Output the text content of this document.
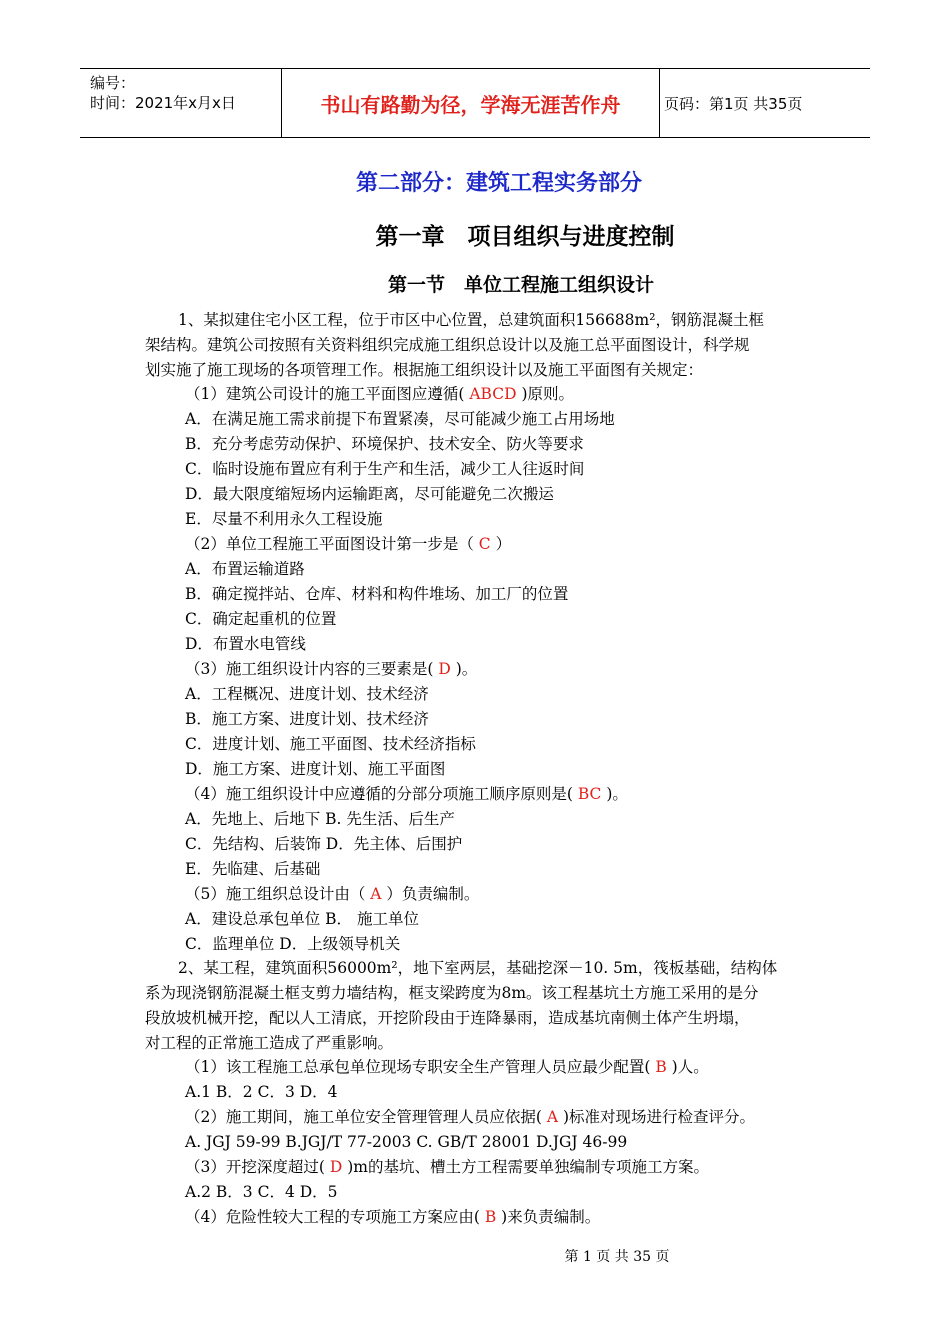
编号：
时间：2021年x月x日	书山有路勤为径，学海无涯苦作舟	页码：第1页 共35页
第二部分：建筑工程实务部分
第一章　项目组织与进度控制
第一节　单位工程施工组织设计
1、某拟建住宅小区工程，位于市区中心位置，总建筑面积156688m²，钢筋混凝土框
架结构。建筑公司按照有关资料组织完成施工组织总设计以及施工总平面图设计，科学规
划实施了施工现场的各项管理工作。根据施工组织设计以及施工平面图有关规定：
（1）建筑公司设计的施工平面图应遵循( ABCD )原则。
A．在满足施工需求前提下布置紧凑，尽可能减少施工占用场地
B．充分考虑劳动保护、环境保护、技术安全、防火等要求
C．临时设施布置应有利于生产和生活，减少工人往返时间
D．最大限度缩短场内运输距离，尽可能避免二次搬运
E．尽量不利用永久工程设施
（2）单位工程施工平面图设计第一步是（ C ）
A．布置运输道路
B．确定搅拌站、仓库、材料和构件堆场、加工厂的位置
C．确定起重机的位置
D．布置水电管线
（3）施工组织设计内容的三要素是( D )。
A．工程概况、进度计划、技术经济
B．施工方案、进度计划、技术经济
C．进度计划、施工平面图、技术经济指标
D．施工方案、进度计划、施工平面图
（4）施工组织设计中应遵循的分部分项施工顺序原则是( BC )。
A．先地上、后地下 B. 先生活、后生产
C．先结构、后装饰 D．先主体、后围护
E．先临建、后基础
（5）施工组织总设计由（ A ）负责编制。
A．建设总承包单位 B． 施工单位
C．监理单位 D．上级领导机关
2、某工程，建筑面积56000m²，地下室两层，基础挖深－10. 5m，筏板基础，结构体
系为现浇钢筋混凝土框支剪力墙结构，框支梁跨度为8m。该工程基坑土方施工采用的是分
段放坡机械开挖，配以人工清底，开挖阶段由于连降暴雨，造成基坑南侧土体产生坍塌，
对工程的正常施工造成了严重影响。
（1）该工程施工总承包单位现场专职安全生产管理人员应最少配置( B )人。
A.1 B．2 C．3 D．4
（2）施工期间，施工单位安全管理管理人员应依据( A )标准对现场进行检查评分。
A. JGJ 59-99 B.JGJ/T 77-2003 C. GB/T 28001 D.JGJ 46-99
（3）开挖深度超过( D )m的基坑、槽土方工程需要单独编制专项施工方案。
A.2 B．3 C．4 D．5
（4）危险性较大工程的专项施工方案应由( B )来负责编制。
第 1 页 共 35 页
